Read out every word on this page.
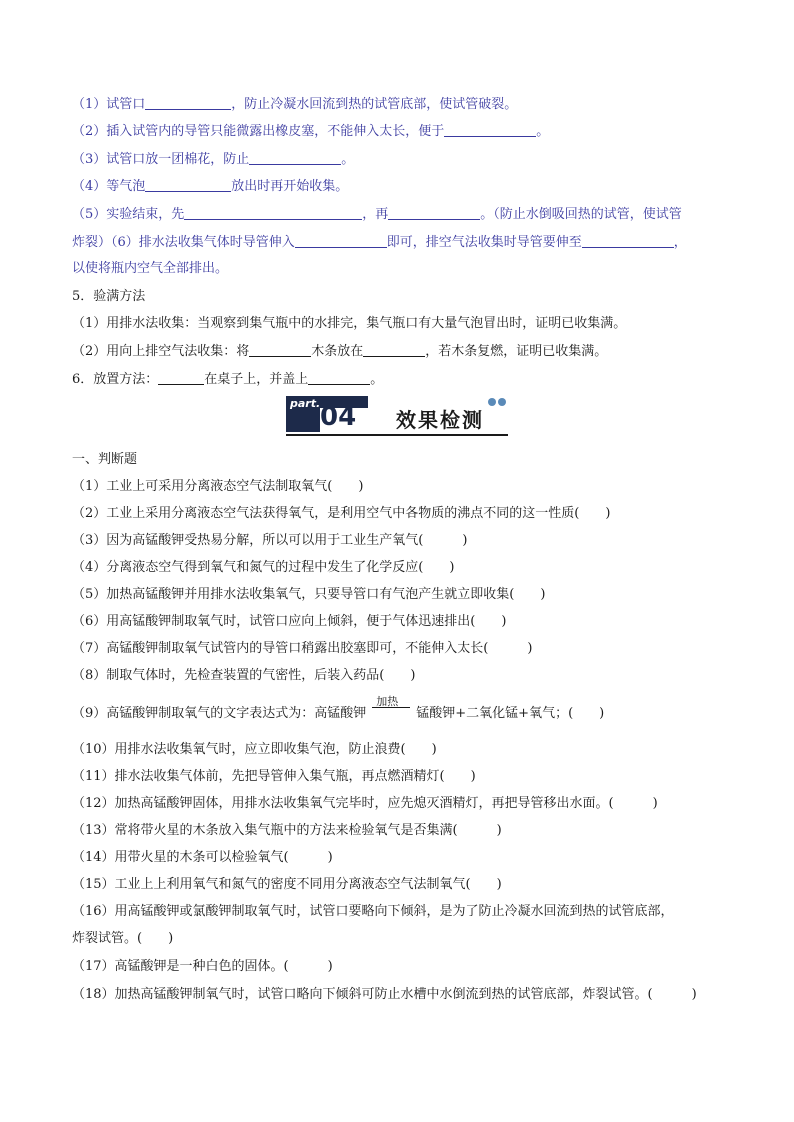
（1）试管口	，防止冷凝水回流到热的试管底部，使试管破裂。
（2）插入试管内的导管只能微露出橡皮塞，不能伸入太长，便于	。
（3）试管口放一团棉花，防止	。
（4）等气泡	放出时再开始收集。
（5）实验结束，先	，再	。（防止水倒吸回热的试管，使试管
炸裂）（6）排水法收集气体时导管伸入	即可，排空气法收集时导管要伸至	，
以使将瓶内空气全部排出。
5．验满方法
（1）用排水法收集：当观察到集气瓶中的水排完，集气瓶口有大量气泡冒出时，证明已收集满。
（2）用向上排空气法收集：将	木条放在	，若木条复燃，证明已收集满。
6．放置方法：	在桌子上，并盖上	。
part. 04 效果检测
一、判断题
（1）工业上可采用分离液态空气法制取氧气(　　)
（2）工业上采用分离液态空气法获得氧气，是利用空气中各物质的沸点不同的这一性质(　　)
（3）因为高锰酸钾受热易分解，所以可以用于工业生产氧气(　　　)
（4）分离液态空气得到氧气和氮气的过程中发生了化学反应(　　)
（5）加热高锰酸钾并用排水法收集氧气，只要导管口有气泡产生就立即收集(　　)
（6）用高锰酸钾制取氧气时，试管口应向上倾斜，便于气体迅速排出(　　)
（7）高锰酸钾制取氧气试管内的导管口稍露出胶塞即可，不能伸入太长(　　　)
（8）制取气体时，先检查装置的气密性，后装入药品(　　)
（9）高锰酸钾制取氧气的文字表达式为：高锰酸钾
加热
锰酸钾+二氧化锰+氧气；(　　)
（10）用排水法收集氧气时，应立即收集气泡，防止浪费(　　)
（11）排水法收集气体前，先把导管伸入集气瓶，再点燃酒精灯(　　)
（12）加热高锰酸钾固体，用排水法收集氧气完毕时，应先熄灭酒精灯，再把导管移出水面。(　　　)
（13）常将带火星的木条放入集气瓶中的方法来检验氧气是否集满(　　　)
（14）用带火星的木条可以检验氧气(　　　)
（15）工业上上利用氧气和氮气的密度不同用分离液态空气法制氧气(　　)
（16）用高锰酸钾或氯酸钾制取氧气时，试管口要略向下倾斜，是为了防止冷凝水回流到热的试管底部，
炸裂试管。(　　)
（17）高锰酸钾是一种白色的固体。(　　　)
（18）加热高锰酸钾制氧气时，试管口略向下倾斜可防止水槽中水倒流到热的试管底部，炸裂试管。(　　　)
